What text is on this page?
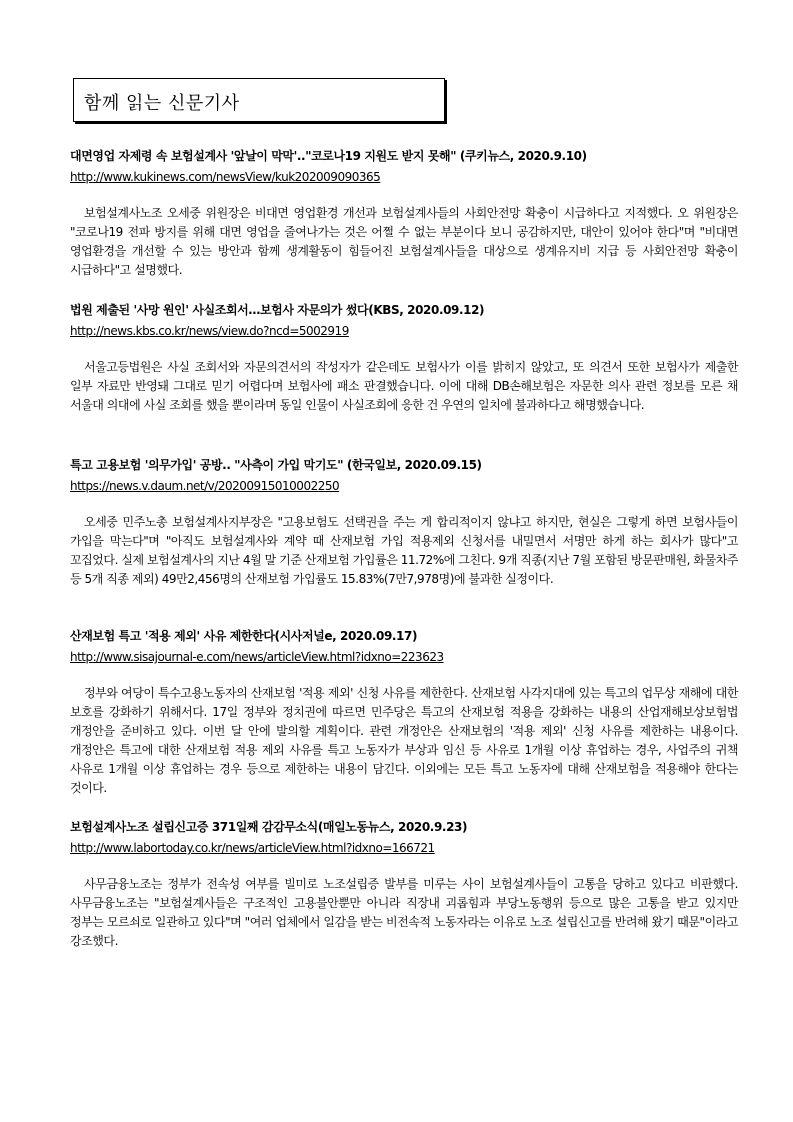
함께 읽는 신문기사
대면영업 자제령 속 보험설계사 '앞날이 막막'.."코로나19 지원도 받지 못해" (쿠키뉴스, 2020.9.10)
http://www.kukinews.com/newsView/kuk202009090365
보험설계사노조 오세중 위원장은 비대면 영업환경 개선과 보험설계사들의 사회안전망 확충이 시급하다고 지적했다. 오 위원장은 "코로나19 전파 방지를 위해 대면 영업을 줄여나가는 것은 어쩔 수 없는 부분이다 보니 공감하지만, 대안이 있어야 한다"며 "비대면 영업환경을 개선할 수 있는 방안과 함께 생계활동이 힘들어진 보험설계사들을 대상으로 생계유지비 지급 등 사회안전망 확충이 시급하다"고 설명했다.
법원 제출된 '사망 원인' 사실조회서…보험사 자문의가 썼다(KBS, 2020.09.12)
http://news.kbs.co.kr/news/view.do?ncd=5002919
서울고등법원은 사실 조회서와 자문의견서의 작성자가 같은데도 보험사가 이를 밝히지 않았고, 또 의견서 또한 보험사가 제출한 일부 자료만 반영돼 그대로 믿기 어렵다며 보험사에 패소 판결했습니다. 이에 대해 DB손해보험은 자문한 의사 관련 정보를 모른 채 서울대 의대에 사실 조회를 했을 뿐이라며 동일 인물이 사실조회에 응한 건 우연의 일치에 불과하다고 해명했습니다.
특고 고용보험 '의무가입' 공방.. "사측이 가입 막기도" (한국일보, 2020.09.15)
https://news.v.daum.net/v/20200915010002250
오세중 민주노총 보험설계사지부장은 "고용보험도 선택권을 주는 게 합리적이지 않냐고 하지만, 현실은 그렇게 하면 보험사들이 가입을 막는다"며 "아직도 보험설계사와 계약 때 산재보험 가입 적용제외 신청서를 내밀면서 서명만 하게 하는 회사가 많다"고 꼬집었다. 실제 보험설계사의 지난 4월 말 기준 산재보험 가입률은 11.72%에 그친다. 9개 직종(지난 7월 포함된 방문판매원, 화물차주 등 5개 직종 제외) 49만2,456명의 산재보험 가입률도 15.83%(7만7,978명)에 불과한 실정이다.
산재보험 특고 '적용 제외' 사유 제한한다(시사저널e, 2020.09.17)
http://www.sisajournal-e.com/news/articleView.html?idxno=223623
정부와 여당이 특수고용노동자의 산재보험 '적용 제외' 신청 사유를 제한한다. 산재보험 사각지대에 있는 특고의 업무상 재해에 대한 보호를 강화하기 위해서다. 17일 정부와 정치권에 따르면 민주당은 특고의 산재보험 적용을 강화하는 내용의 산업재해보상보험법 개정안을 준비하고 있다. 이번 달 안에 발의할 계획이다. 관련 개정안은 산재보험의 '적용 제외' 신청 사유를 제한하는 내용이다. 개정안은 특고에 대한 산재보험 적용 제외 사유를 특고 노동자가 부상과 임신 등 사유로 1개월 이상 휴업하는 경우, 사업주의 귀책 사유로 1개월 이상 휴업하는 경우 등으로 제한하는 내용이 담긴다. 이외에는 모든 특고 노동자에 대해 산재보험을 적용해야 한다는 것이다.
보험설계사노조 설립신고증 371일째 감감무소식(매일노동뉴스, 2020.9.23)
http://www.labortoday.co.kr/news/articleView.html?idxno=166721
사무금융노조는 정부가 전속성 여부를 빌미로 노조설립증 발부를 미루는 사이 보험설계사들이 고통을 당하고 있다고 비판했다. 사무금융노조는 "보험설계사들은 구조적인 고용불안뿐만 아니라 직장내 괴롭힘과 부당노동행위 등으로 많은 고통을 받고 있지만 정부는 모르쇠로 일관하고 있다"며 "여러 업체에서 일감을 받는 비전속적 노동자라는 이유로 노조 설립신고를 반려해 왔기 때문"이라고 강조했다.
